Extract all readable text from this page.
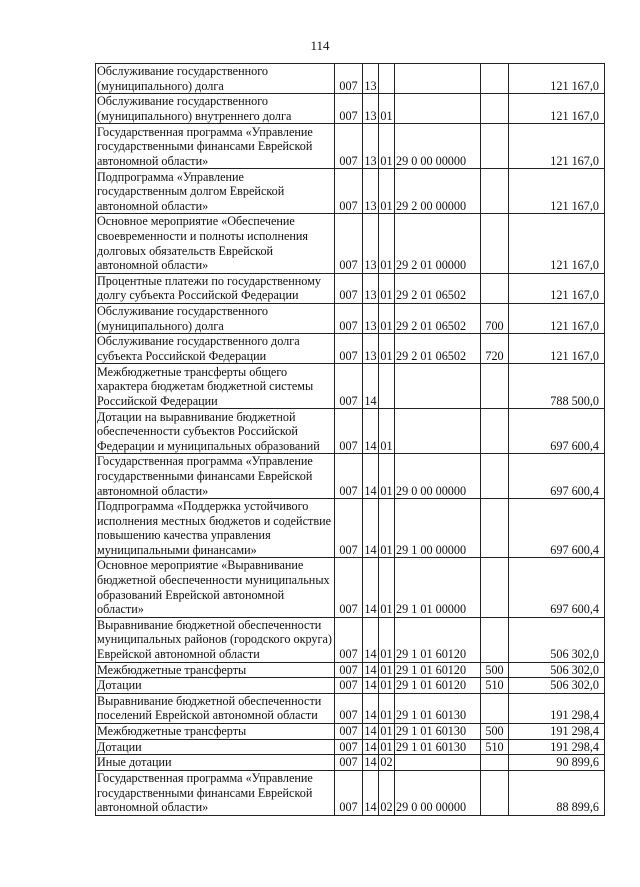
114
Обслуживание государственного (муниципального) долга	007	13				121 167,0
Обслуживание государственного (муниципального) внутреннего долга	007	13	01			121 167,0
Государственная программа «Управление государственными финансами Еврейской автономной области»	007	13	01	29 0 00 00000		121 167,0
Подпрограмма «Управление государственным долгом Еврейской автономной области»	007	13	01	29 2 00 00000		121 167,0
Основное мероприятие «Обеспечение своевременности и полноты исполнения долговых обязательств Еврейской автономной области»	007	13	01	29 2 01 00000		121 167,0
Процентные платежи по государственному долгу субъекта Российской Федерации	007	13	01	29 2 01 06502		121 167,0
Обслуживание государственного (муниципального) долга	007	13	01	29 2 01 06502	700	121 167,0
Обслуживание государственного долга субъекта Российской Федерации	007	13	01	29 2 01 06502	720	121 167,0
Межбюджетные трансферты общего характера бюджетам бюджетной системы Российской Федерации	007	14				788 500,0
Дотации на выравнивание бюджетной обеспеченности субъектов Российской Федерации и муниципальных образований	007	14	01			697 600,4
Государственная программа «Управление государственными финансами Еврейской автономной области»	007	14	01	29 0 00 00000		697 600,4
Подпрограмма «Поддержка устойчивого исполнения местных бюджетов и содействие повышению качества управления муниципальными финансами»	007	14	01	29 1 00 00000		697 600,4
Основное мероприятие «Выравнивание бюджетной обеспеченности муниципальных образований Еврейской автономной области»	007	14	01	29 1 01 00000		697 600,4
Выравнивание бюджетной обеспеченности муниципальных районов (городского округа) Еврейской автономной области	007	14	01	29 1 01 60120		506 302,0
Межбюджетные трансферты	007	14	01	29 1 01 60120	500	506 302,0
Дотации	007	14	01	29 1 01 60120	510	506 302,0
Выравнивание бюджетной обеспеченности поселений Еврейской автономной области	007	14	01	29 1 01 60130		191 298,4
Межбюджетные трансферты	007	14	01	29 1 01 60130	500	191 298,4
Дотации	007	14	01	29 1 01 60130	510	191 298,4
Иные дотации	007	14	02			90 899,6
Государственная программа «Управление государственными финансами Еврейской автономной области»	007	14	02	29 0 00 00000		88 899,6
